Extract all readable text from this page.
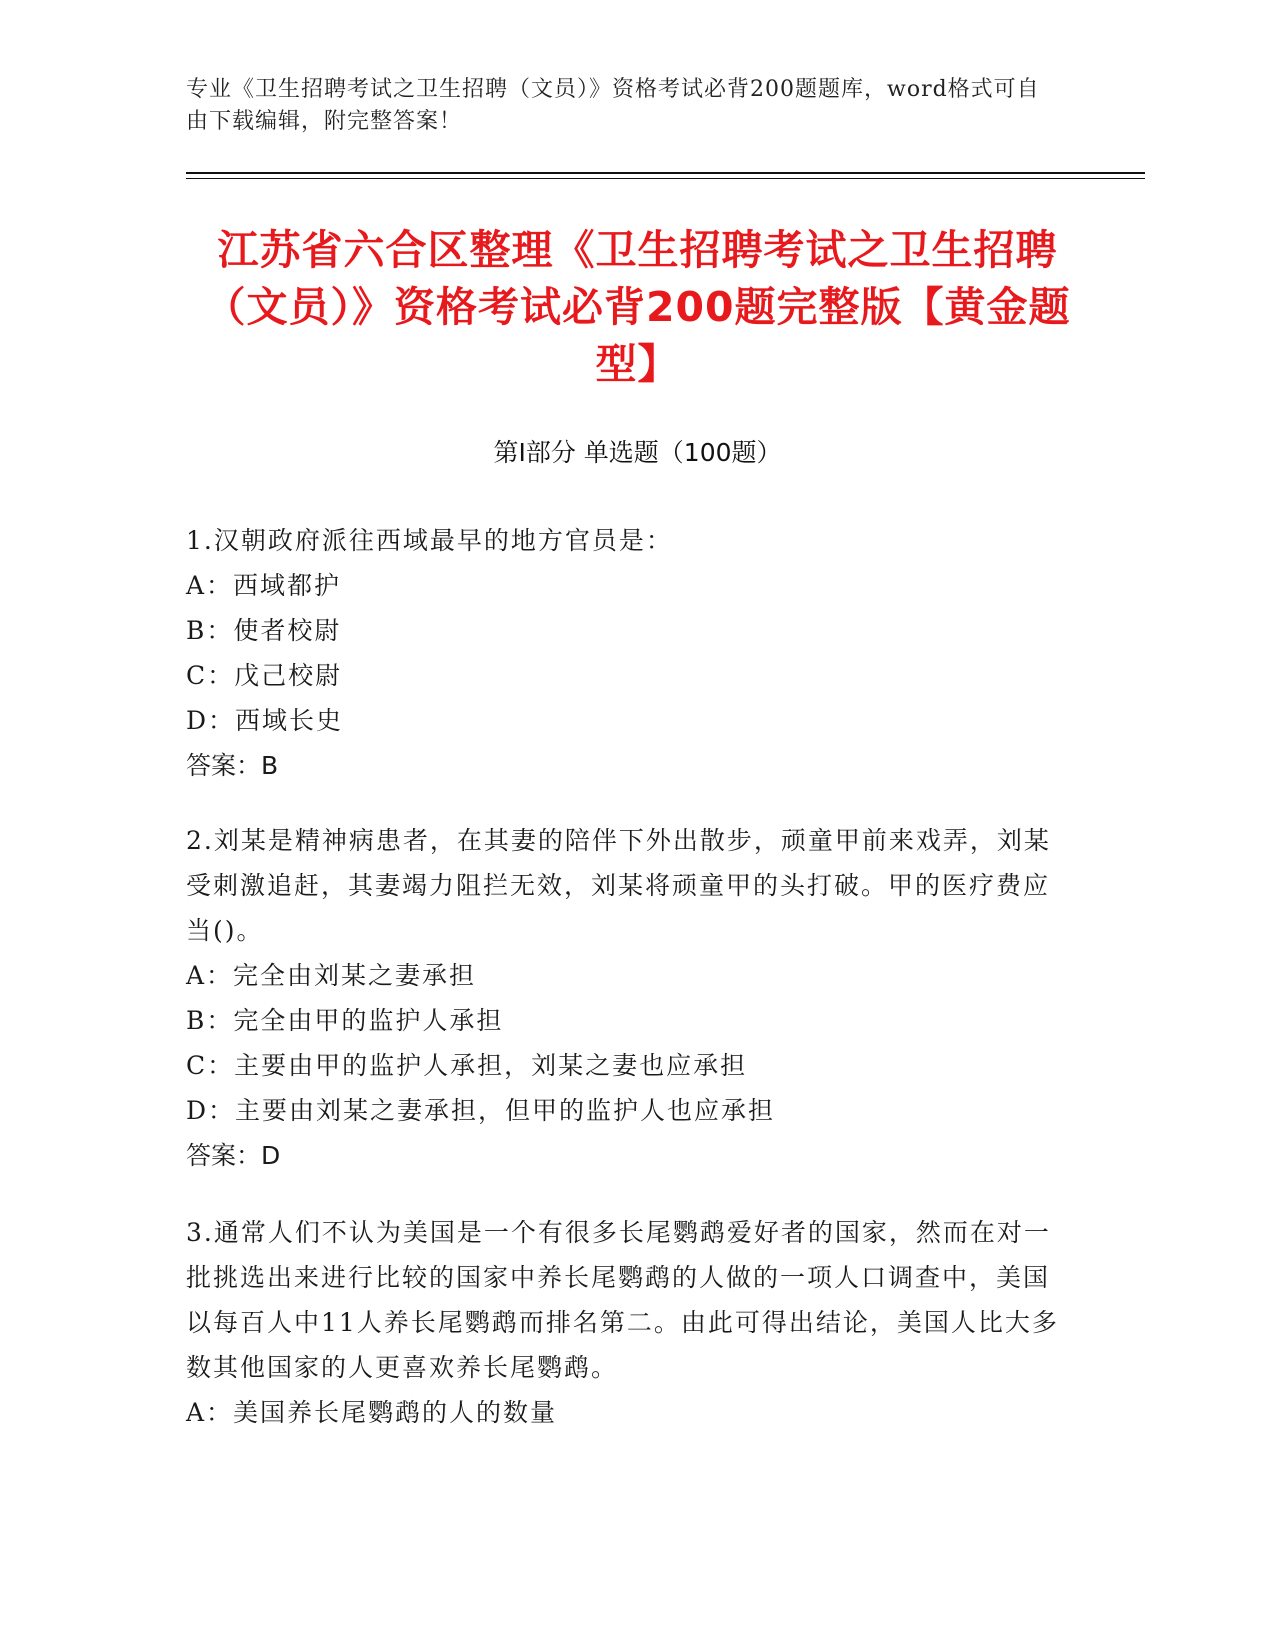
专业《卫生招聘考试之卫生招聘（文员）》资格考试必背200题题库，word格式可自由下载编辑，附完整答案！
江苏省六合区整理《卫生招聘考试之卫生招聘（文员）》资格考试必背200题完整版【黄金题型】
第Ⅰ部分 单选题（100题）
1.汉朝政府派往西域最早的地方官员是：
A：西域都护
B：使者校尉
C：戊己校尉
D：西域长史
答案：B
2.刘某是精神病患者，在其妻的陪伴下外出散步，顽童甲前来戏弄，刘某受刺激追赶，其妻竭力阻拦无效，刘某将顽童甲的头打破。甲的医疗费应当()。
A：完全由刘某之妻承担
B：完全由甲的监护人承担
C：主要由甲的监护人承担，刘某之妻也应承担
D：主要由刘某之妻承担，但甲的监护人也应承担
答案：D
3.通常人们不认为美国是一个有很多长尾鹦鹉爱好者的国家，然而在对一批挑选出来进行比较的国家中养长尾鹦鹉的人做的一项人口调查中，美国以每百人中11人养长尾鹦鹉而排名第二。由此可得出结论，美国人比大多数其他国家的人更喜欢养长尾鹦鹉。
A：美国养长尾鹦鹉的人的数量
